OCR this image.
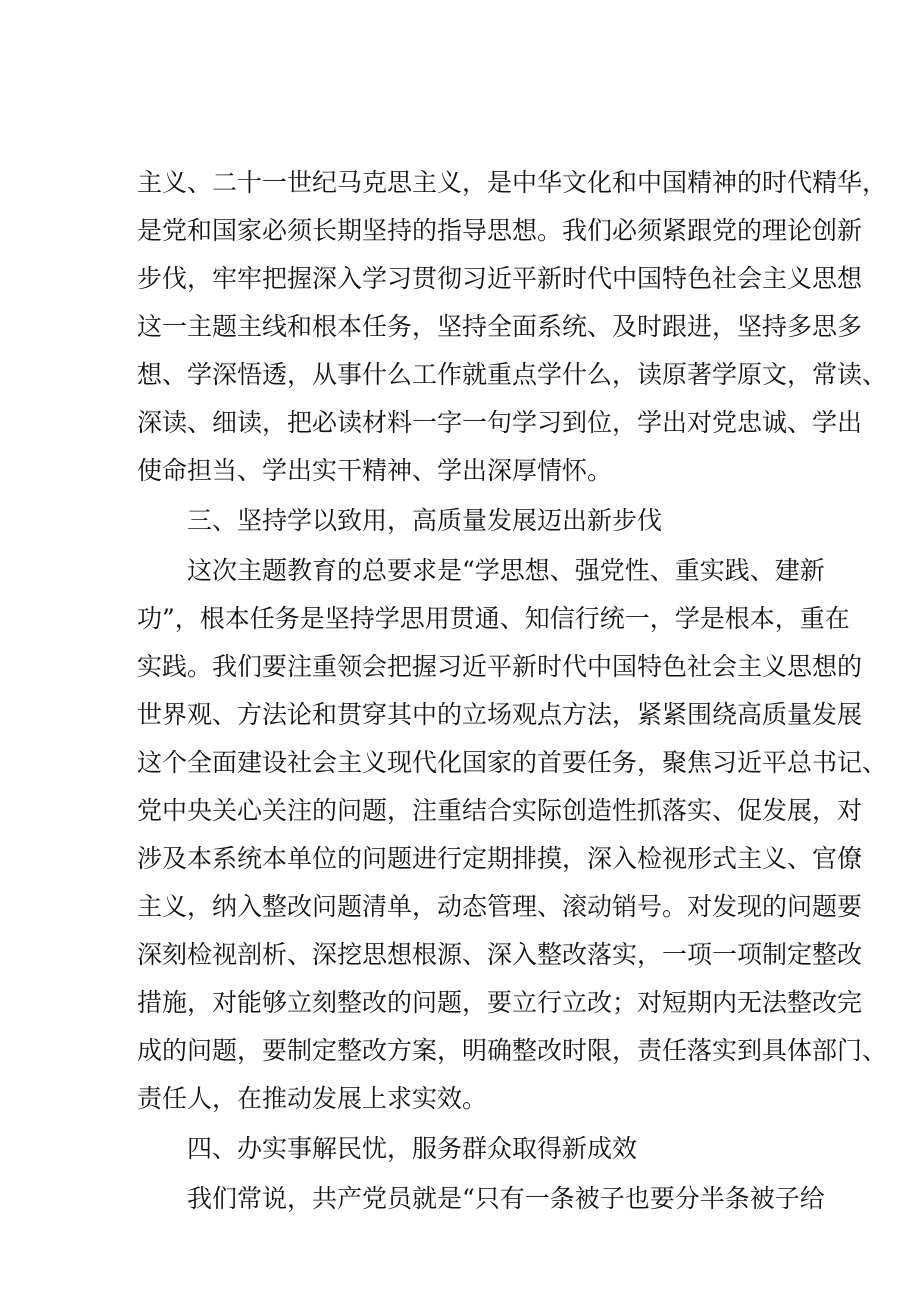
主义、二十一世纪马克思主义，是中华文化和中国精神的时代精华，
是党和国家必须长期坚持的指导思想。我们必须紧跟党的理论创新
步伐，牢牢把握深入学习贯彻习近平新时代中国特色社会主义思想
这一主题主线和根本任务，坚持全面系统、及时跟进，坚持多思多
想、学深悟透，从事什么工作就重点学什么，读原著学原文，常读、
深读、细读，把必读材料一字一句学习到位，学出对党忠诚、学出
使命担当、学出实干精神、学出深厚情怀。
三、坚持学以致用，高质量发展迈出新步伐
这次主题教育的总要求是“学思想、强党性、重实践、建新
功”，根本任务是坚持学思用贯通、知信行统一，学是根本，重在
实践。我们要注重领会把握习近平新时代中国特色社会主义思想的
世界观、方法论和贯穿其中的立场观点方法，紧紧围绕高质量发展
这个全面建设社会主义现代化国家的首要任务，聚焦习近平总书记、
党中央关心关注的问题，注重结合实际创造性抓落实、促发展，对
涉及本系统本单位的问题进行定期排摸，深入检视形式主义、官僚
主义，纳入整改问题清单，动态管理、滚动销号。对发现的问题要
深刻检视剖析、深挖思想根源、深入整改落实，一项一项制定整改
措施，对能够立刻整改的问题，要立行立改；对短期内无法整改完
成的问题，要制定整改方案，明确整改时限，责任落实到具体部门、
责任人，在推动发展上求实效。
四、办实事解民忧，服务群众取得新成效
我们常说，共产党员就是“只有一条被子也要分半条被子给
